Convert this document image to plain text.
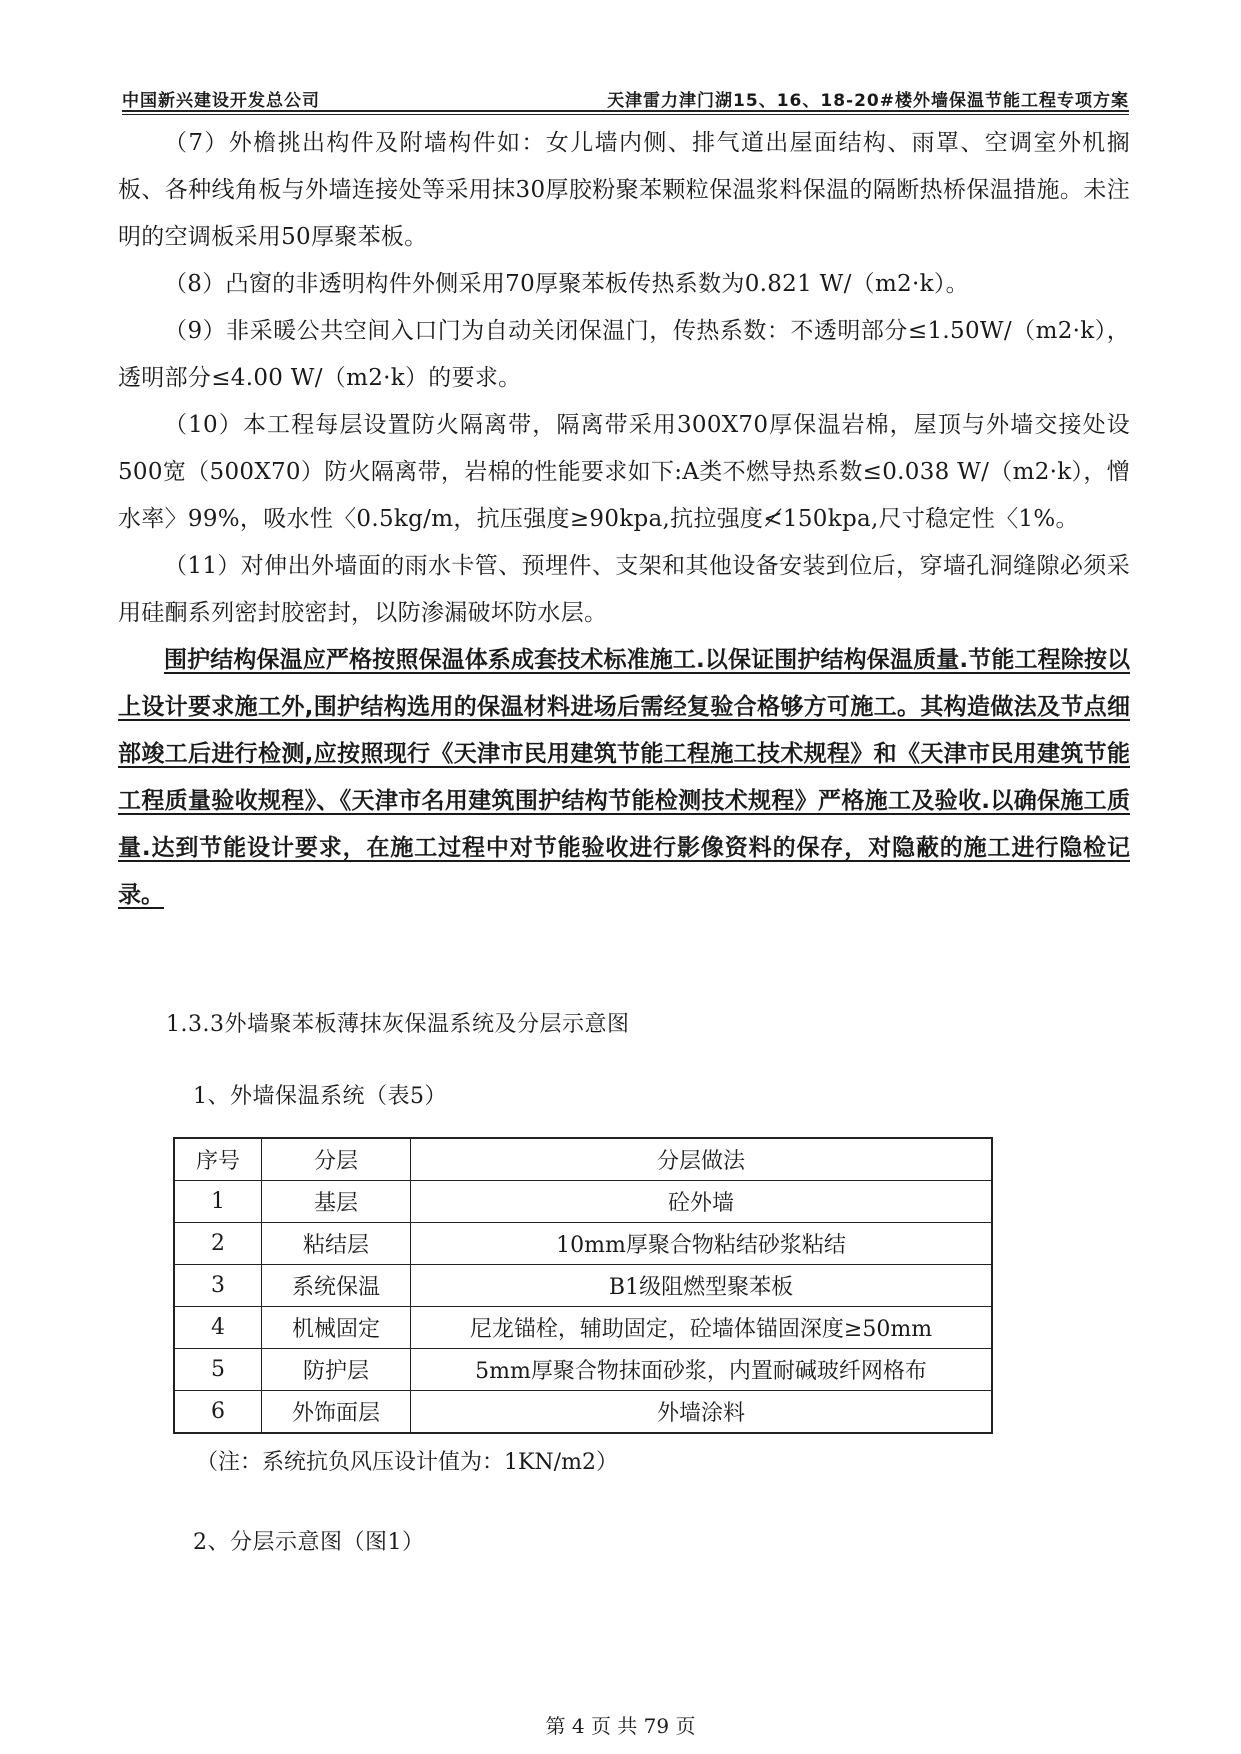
中国新兴建设开发总公司	天津雷力津门湖15、16、18-20#楼外墙保温节能工程专项方案

（7）外檐挑出构件及附墙构件如：女儿墙内侧、排气道出屋面结构、雨罩、空调室外机搁板、各种线角板与外墙连接处等采用抹30厚胶粉聚苯颗粒保温浆料保温的隔断热桥保温措施。未注明的空调板采用50厚聚苯板。

（8）凸窗的非透明构件外侧采用70厚聚苯板传热系数为0.821 W/（m2·k）。

（9）非采暖公共空间入口门为自动关闭保温门，传热系数：不透明部分≤1.50W/（m2·k），透明部分≤4.00 W/（m2·k）的要求。

（10）本工程每层设置防火隔离带，隔离带采用300X70厚保温岩棉，屋顶与外墙交接处设500宽（500X70）防火隔离带，岩棉的性能要求如下:A类不燃导热系数≤0.038 W/（m2·k），憎水率〉99%，吸水性〈0.5kg/m，抗压强度≥90kpa,抗拉强度≮150kpa,尺寸稳定性〈1%。

（11）对伸出外墙面的雨水卡管、预埋件、支架和其他设备安装到位后，穿墙孔洞缝隙必须采用硅酮系列密封胶密封，以防渗漏破坏防水层。

围护结构保温应严格按照保温体系成套技术标准施工.以保证围护结构保温质量.节能工程除按以上设计要求施工外,围护结构选用的保温材料进场后需经复验合格够方可施工。其构造做法及节点细部竣工后进行检测,应按照现行《天津市民用建筑节能工程施工技术规程》和《天津市民用建筑节能工程质量验收规程》、《天津市名用建筑围护结构节能检测技术规程》严格施工及验收.以确保施工质量.达到节能设计要求，在施工过程中对节能验收进行影像资料的保存，对隐蔽的施工进行隐检记录。

1.3.3外墙聚苯板薄抹灰保温系统及分层示意图
1、外墙保温系统（表5）
序号	分层	分层做法
1	基层	砼外墙
2	粘结层	10mm厚聚合物粘结砂浆粘结
3	系统保温	B1级阻燃型聚苯板
4	机械固定	尼龙锚栓，辅助固定，砼墙体锚固深度≥50mm
5	防护层	5mm厚聚合物抹面砂浆，内置耐碱玻纤网格布
6	外饰面层	外墙涂料
（注：系统抗负风压设计值为：1KN/m2）
2、分层示意图（图1）
第 4 页 共 79 页
